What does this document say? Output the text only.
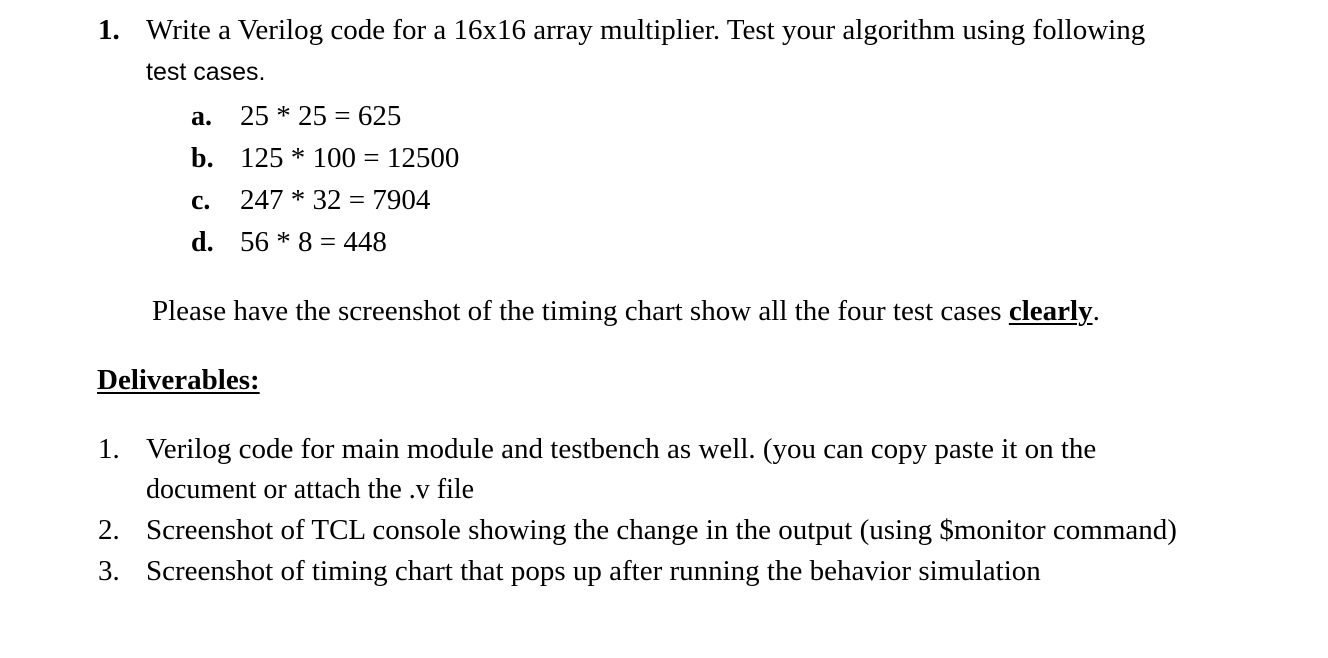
1. Write a Verilog code for a 16x16 array multiplier. Test your algorithm using following
test cases.
a. 25 * 25 = 625
b. 125 * 100 = 12500
c. 247 * 32 = 7904
d. 56 * 8 = 448
Please have the screenshot of the timing chart show all the four test cases clearly.
Deliverables:
1. Verilog code for main module and testbench as well. (you can copy paste it on the
document or attach the .v file
2. Screenshot of TCL console showing the change in the output (using $monitor command)
3. Screenshot of timing chart that pops up after running the behavior simulation
